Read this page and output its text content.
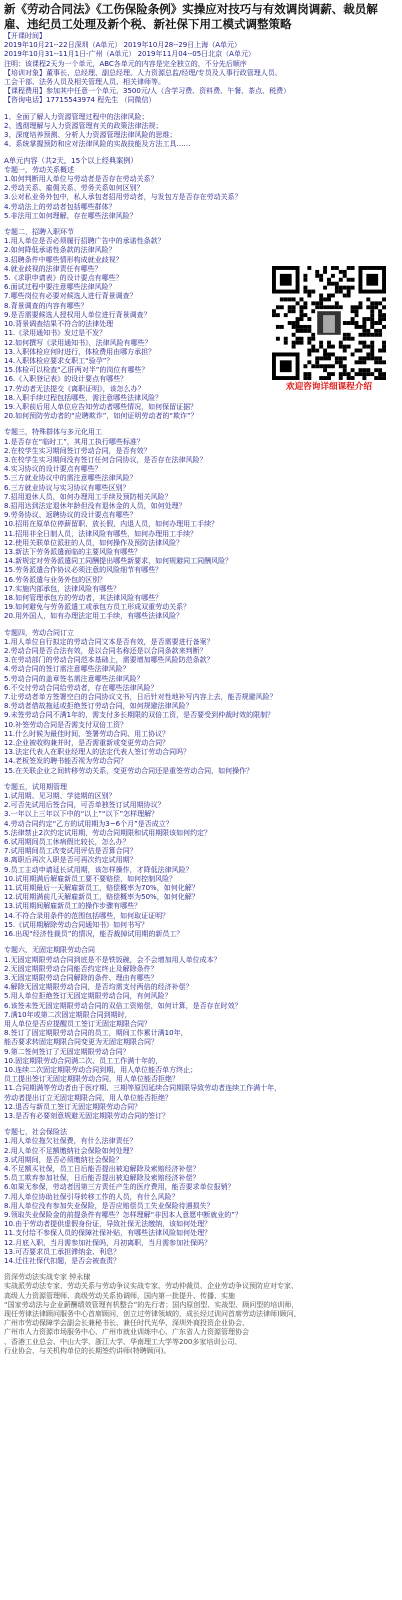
新《劳动合同法》《工伤保险条例》实操应对技巧与有效调岗调薪、裁员解雇、违纪员工处理及新个税、新社保下用工模式调整策略
【开课时间】
2019年10月21--22日深圳（A单元） 2019年10月28--29日上海（A单元）
2019年10月31--11月1日-广州（A单元） 2019年11月04--05日北京（A单元）
注明：该课程2天为一个单元，ABC各单元的内容是完全独立的，不分先后顺序
【培训对象】董事长、总经理、副总经理、人力资源总监/经理/专员及人事行政管理人员、
工会干部、法务人员及相关管理人员、相关律师等。
【课程费用】参加其中任意一个单元，3500元/人（含学习费、资料费、午餐、茶点、税费）
【咨询电话】17715543974 程先生 （同微信）
1、全面了解人力资源管理过程中的法律风险；
2、透彻理解与人力资源管理有关的政策法律法规；
3、深度培养预测、分析人力资源管理法律风险的思维；
4、系统掌握预防和应对法律风险的实战技能及方法工具……
A单元内容（共2天，15个以上经典案例）
专题一，劳动关系概述
1.如何判断用人单位与劳动者是否存在劳动关系？
2.劳动关系、雇佣关系、劳务关系如何区别？
3.公对私业务外包中，私人承包者招用劳动者，与发包方是否存在劳动关系？
4.劳动法上的劳动者包括哪些群体？
5.非法用工如何理解，存在哪些法律风险？
专题二，招聘入职环节
1.用人单位是否必须履行招聘广告中的承诺性条款？
2.如何降低承诺性条款的法律风险？
3.招聘条件中哪些情形构成就业歧视？
4.就业歧视的法律责任有哪些？
5.《求职申请表》的设计要点有哪些？
6.面试过程中要注意哪些法律风险？
7.哪些岗位有必要对候选人进行背景调查？
8.背景调查的内容有哪些？
9.是否需要候选人授权用人单位进行背景调查？
10.背景调查结果不符合的法律处理
11.《录用通知书》发过是不发？
12.如何撰写《录用通知书》，法律风险有哪些？
13.入职体检应何时进行，体检费用由哪方承担？
14.入职体检应要求女职工“验孕”？
15.体检可以检查“乙肝两对半”的岗位有哪些？
16.《入职登记表》的设计要点有哪些？
17.劳动者无法提交《离职证明》，该怎么办？
18.入职手续过程包括哪些，需注意哪些法律风险？
19.入职前后用人单位应告知劳动者哪些情况，如何保留证据？
20.如何预防劳动者的“应聘欺诈”，如何证明劳动者的“欺诈”？
专题三，特殊群体与多元化用工
1.是否存在“临时工”，其用工执行哪些标准？
2.在校学生实习期间签订劳动合同，是否有效？
3.在校学生实习期间没有签订任何合同协议，是否存在法律风险？
4.实习协议的设计要点有哪些？
5.三方就业协议中的需注意哪些法律风险？
6.三方就业协议与实习协议有哪些区别？
7.招用退休人员，如何办理用工手续及预防相关风险？
8.招用达到法定退休年龄但没有退休金的人员，如何处理？
9.劳务协议、返聘协议的设计要点有哪些？
10.招用在原单位停薪留职、放长假、内退人员，如何办理用工手续？
11.招用非全日制人员，法律风险有哪些，如何办理用工手续？
12.使用关联单位派驻的人员，如何操作及预防法律风险？
13.新法下劳务派遣面临的主要风险有哪些？
14.新规定对劳务派遣同工同酬提出哪些新要求，如何规避同工同酬风险？
15.劳务派遣合作协议必须注意的风险细节有哪些？
16.劳务派遣与业务外包的区别？
17.实施内部承包，法律风险有哪些？
18.如何管理承包方的劳动者，其法律风险有哪些？
19.如何避免与劳务派遣工或承包方员工形成双重劳动关系？
20.用外国人，如有办理法定用工手续，有哪些法律风险？
专题四，劳动合同订立
1.用人单位自行拟定的劳动合同文本是否有效，是否需要进行备案？
2.劳动合同是否合法有效，是以合同名称还是以合同条款来判断？
3.在劳动部门的劳动合同范本基础上，需要增加哪些风险防范条款？
4.劳动合同的签订需注意哪些法律风险？
5.劳动合同的盖章签名需注意哪些法律风险？
6.不交付劳动合同给劳动者，存在哪些法律风险？
7.让劳动者单方签署空白的合同协议文书，日后针对性地补写内容上去，能否规避风险？
8.劳动者借故拖延或拒绝签订劳动合同，如何规避法律风险？
9.未签劳动合同不满1年的，需支付多长期限的双倍工资，是否要受到仲裁时效的限制？
10.补签劳动合同是否需支付双倍工资？
11.什么时候为最佳时间，签署劳动合同、用工协议？
12.企业被收购兼并时，是否需重新或变更劳动合同？
13.法定代表人在职业经理人的法定代表人签订劳动合同吗？
14.老板签发的聘书能否视为劳动合同？
15.在关联企业之间转移劳动关系，变更劳动合同还是重签劳动合同，如何操作？
专题五，试用期管理
1.试用期、见习期、学徒期的区别？
2.可否先试用后签合同，可否单独签订试用期协议？
3.一年以上三年以下中的“以上”“以下”怎样理解？
4.劳动合同约定“乙方的试用期为3~6个月”是否成立？
5.法律禁止2次约定试用期，劳动合同期限和试用期限该如何约定？
6.试用期间员工休病假比较长，怎么办？
7.试用期间员工改变试用评估是否算合同？
8.离职后再次入职是否可再次约定试用期？
9.员工主动申请延长试用期，该怎样操作，才降低法律风险？
10.试用期满后解雇新员工要不要赔偿，如何控制风险？
11.试用期最后一天解雇新员工，赔偿概率为70%，如何化解？
12.试用期满前几天解雇新员工，赔偿概率为50%，如何化解？
13.试用期间解雇新员工的操作步骤有哪些？
14.不符合录用条件的范围包括哪些，如何取证证明？
15.《试用期解除劳动合同通知书》如何书写？
16.出现“经济性裁员”的情况，能否裁掉试用期的新员工？
专题六，无固定期限劳动合同
1.无固定期限劳动合同到底是不是铁饭碗，会不会增加用人单位成本？
2.无固定期限劳动合同能否约定终止及解除条件？
3.无固定期限劳动合同解除的条件、理由有哪些？
4.解除无固定期限劳动合同，是否均需支付两倍的经济补偿？
5.用人单位拒绝签订无固定期限劳动合同，有何风险？
6.该签未签无固定期限劳动合同的双倍工资赔偿，如何计算，是否存在时效？
7.满10年或第二次固定期限合同到期时，
用人单位是否应提醒员工签订无固定期限合同？
8.签订了固定期限劳动合同的员工，期间工作累计满10年，
能否要求转固定期限合同变更为无固定期限合同？
9.第二签何签订了无固定期限劳动合同？
10.固定期限劳动合同满二次、员工工作满十年的，
10.连续二次固定期限劳动合同到期，用人单位能否单方终止；
员工提出签订无固定期限劳动合同，用人单位能否拒绝？
11.合同期满等劳动者由于医疗期、三期等原因延续合同期限导致劳动者连续工作满十年，
劳动者提出订立无固定期限合同，用人单位能否拒绝？
12.退否与新员工签订无固定期限劳动合同？
13.是否有必要刻意规避无固定期限劳动合同的签订？
专题七，社会保险法
1.用人单位拖欠社保费，有什么法律责任？
2.用人单位不足额缴纳社会保险如何处理？
3.试用期间，是否必须缴纳社会保险？
4.不足额买社保，员工日后能否提出被迫解除及索赔经济补偿？
5.员工欺弃参加社保，日后能否提出被迫解除及索赔经济补偿？
6.如果无参保，劳动者因第三方责任产生的医疗费用，能否要求单位报销？
7.用人单位协助社保引导转移工作的人员，有什么风险？
8.用人单位没有参加失业保险，是否应赔偿员工失业保险待遇损失？
9.领取失业保险金的前提条件有哪些？怎样理解“非因本人意愿中断就业的”？
10.由于劳动者提供虚假身份证，导致社保无法缴纳，该如何处理？
11.支付给不参保人员的保障社保补贴，有哪些法律风险如何处理？
12.月底入职，当月需参加社保吗，月初离职，当月需参加社保吗？
13.可否要求员工承担滞纳金、利息？
14.迁往社保代扣题，是否会被查责？
资深劳动法实战专家 钟永棣
实战派劳动法专家、劳动关系与劳动争议实战专家、劳动仲裁员、企业劳动争议预防应对专家、
高级人力资源管理师、高级劳动关系协调师，国内第一批提升、传播、实施
“国家劳动法与企业薪酬绩效管理有机整合”的先行者；国内原创型、实战型、顾问型的培训师，
现任劳律法律顾问服务中心首席顾问，创立过劳律领域的，成长经过训问首席劳动法律师)顾问，
广州市劳动保障学会副会长兼秘书长、兼任时代光华、深圳外商投资企业协会、
广州市人力资源市场服务中心、广州市就业训练中心、广东省人力资源管理协会
、香港工业总会、中山大学、浙江大学、华南理工大学等200多家培训公司、
行业协会、与关机构单位的长期签约讲师(特聘顾问)。
欢迎咨询详细课程介绍
